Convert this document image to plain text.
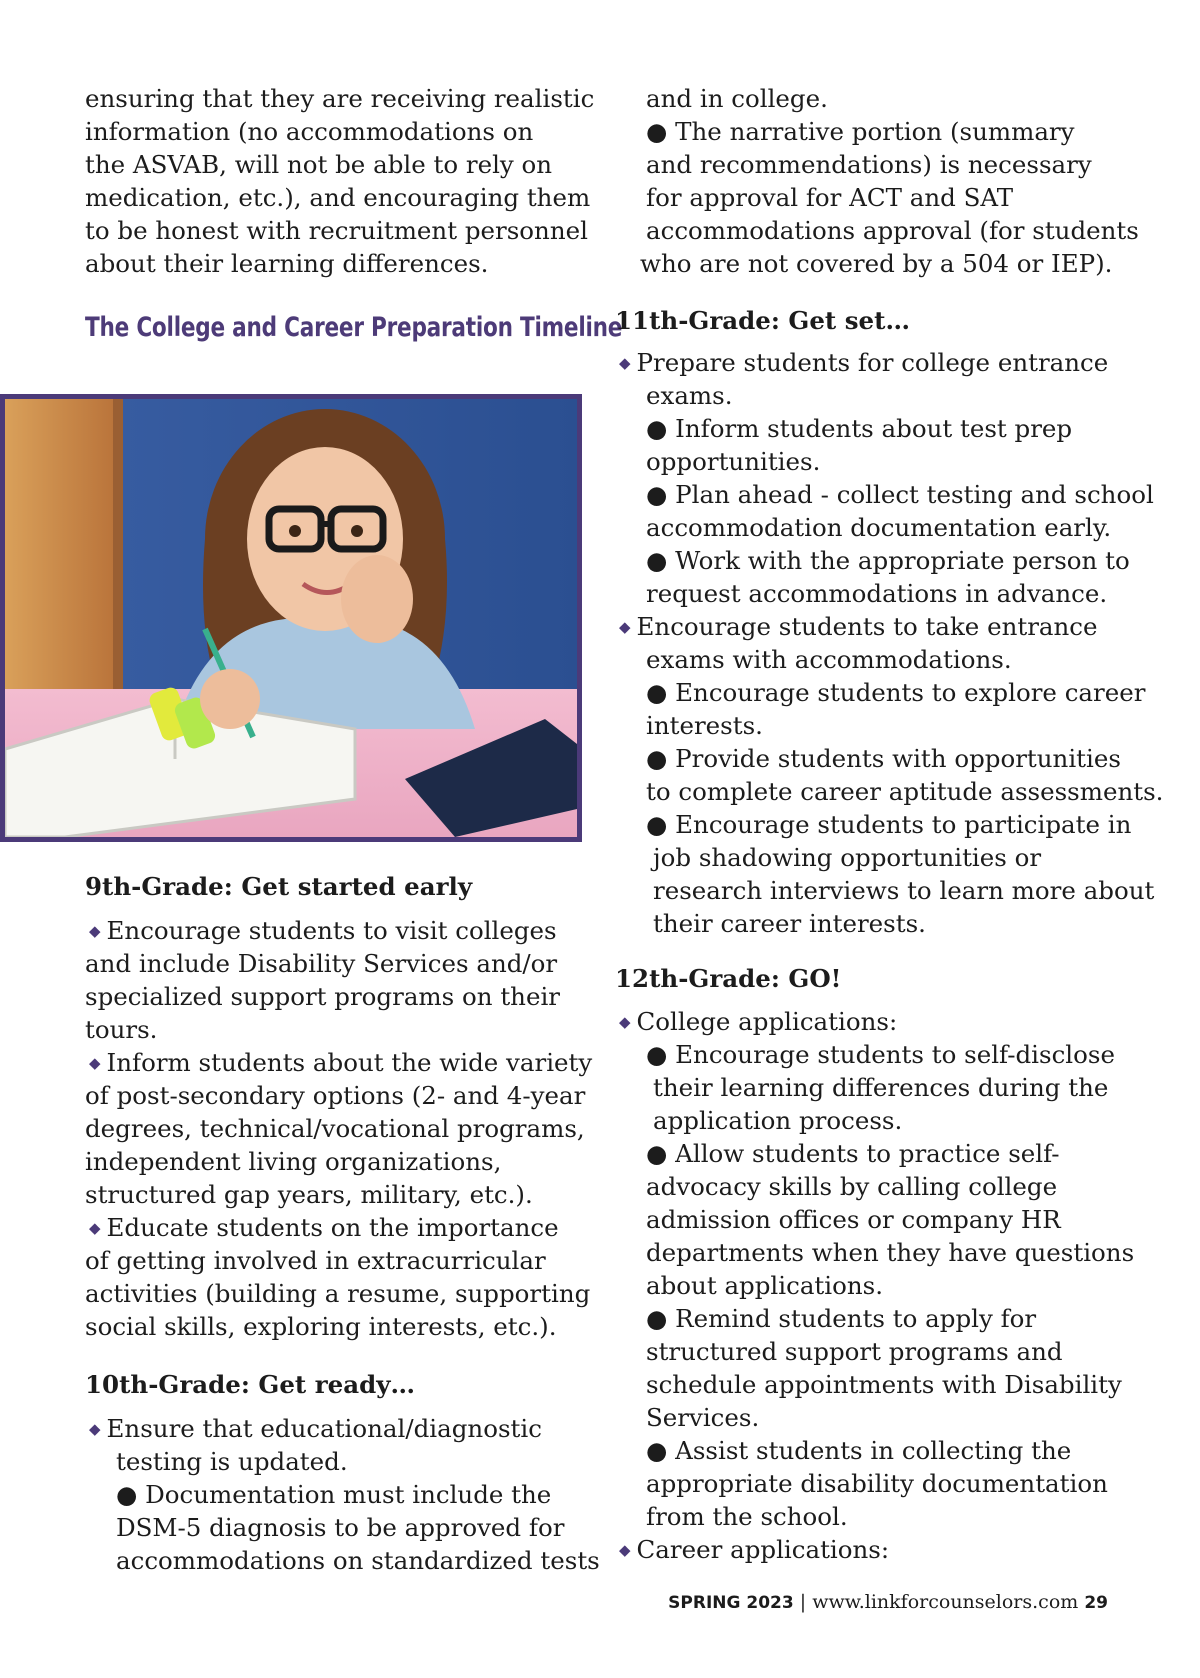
ensuring that they are receiving realistic
information (no accommodations on
the ASVAB, will not be able to rely on
medication, etc.), and encouraging them
to be honest with recruitment personnel
about their learning differences.
The College and Career Preparation Timeline
9th-Grade: Get started early
◆ Encourage students to visit colleges
and include Disability Services and/or
specialized support programs on their
tours.
◆ Inform students about the wide variety
of post-secondary options (2- and 4-year
degrees, technical/vocational programs,
independent living organizations,
structured gap years, military, etc.).
◆ Educate students on the importance
of getting involved in extracurricular
activities (building a resume, supporting
social skills, exploring interests, etc.).
10th-Grade: Get ready…
◆ Ensure that educational/diagnostic
testing is updated.
● Documentation must include the
DSM-5 diagnosis to be approved for
accommodations on standardized tests
and in college.
● The narrative portion (summary
and recommendations) is necessary
for approval for ACT and SAT
accommodations approval (for students
who are not covered by a 504 or IEP).
11th-Grade: Get set…
◆ Prepare students for college entrance
exams.
● Inform students about test prep
opportunities.
● Plan ahead - collect testing and school
accommodation documentation early.
● Work with the appropriate person to
request accommodations in advance.
◆ Encourage students to take entrance
exams with accommodations.
● Encourage students to explore career
interests.
● Provide students with opportunities
to complete career aptitude assessments.
● Encourage students to participate in
job shadowing opportunities or
research interviews to learn more about
their career interests.
12th-Grade: GO!
◆ College applications:
● Encourage students to self-disclose
their learning differences during the
application process.
● Allow students to practice self-
advocacy skills by calling college
admission offices or company HR
departments when they have questions
about applications.
● Remind students to apply for
structured support programs and
schedule appointments with Disability
Services.
● Assist students in collecting the
appropriate disability documentation
from the school.
◆ Career applications:
SPRING 2023 | www.linkforcounselors.com 29
